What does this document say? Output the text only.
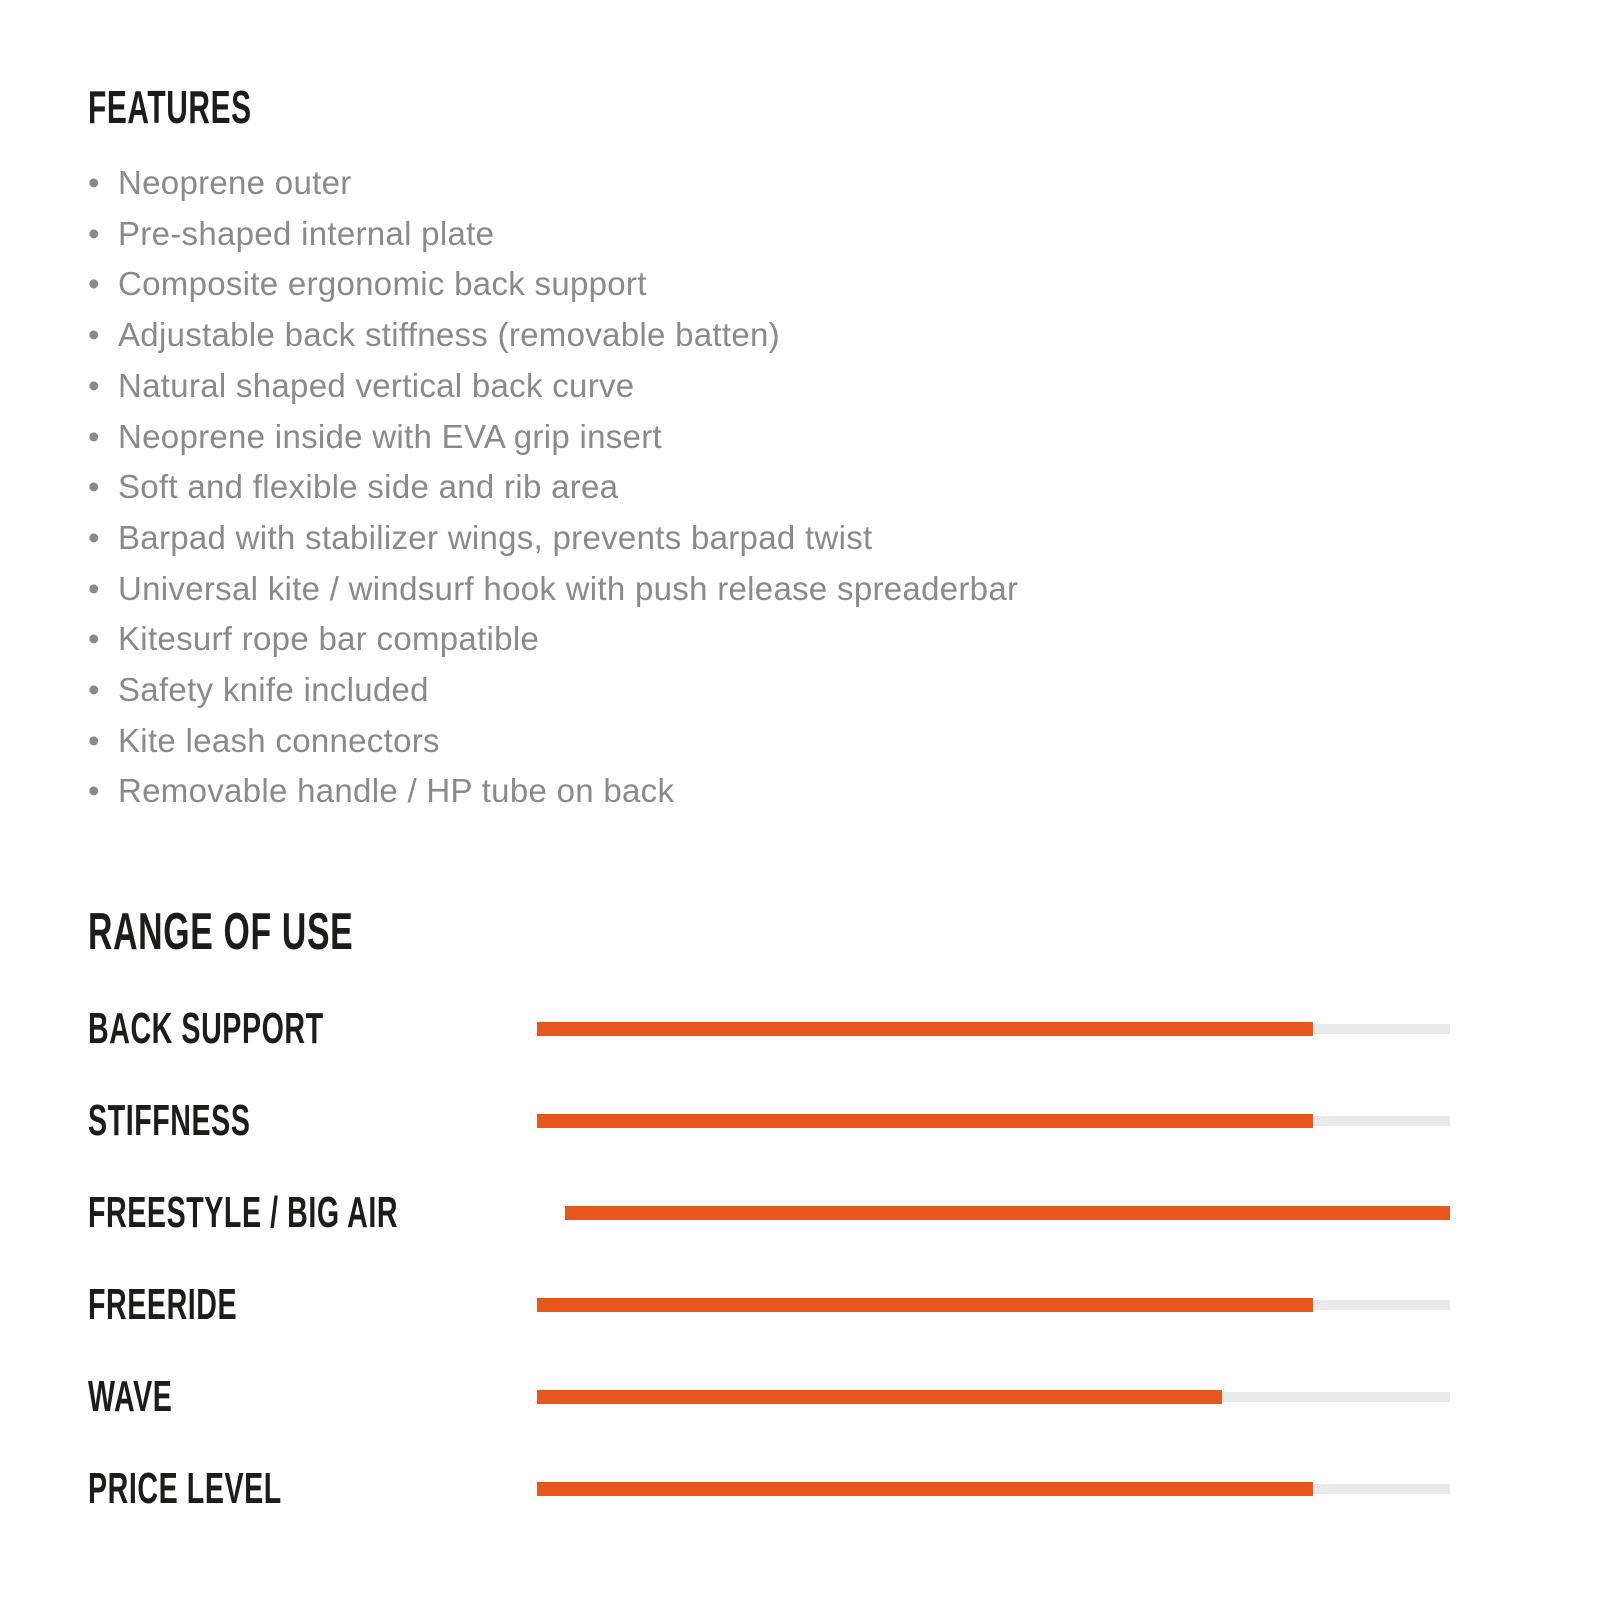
FEATURES
• Neoprene outer
• Pre-shaped internal plate
• Composite ergonomic back support
• Adjustable back stiffness (removable batten)
• Natural shaped vertical back curve
• Neoprene inside with EVA grip insert
• Soft and flexible side and rib area
• Barpad with stabilizer wings, prevents barpad twist
• Universal kite / windsurf hook with push release spreaderbar
• Kitesurf rope bar compatible
• Safety knife included
• Kite leash connectors
• Removable handle / HP tube on back
RANGE OF USE
BACK SUPPORT
STIFFNESS
FREESTYLE / BIG AIR
FREERIDE
WAVE
PRICE LEVEL
